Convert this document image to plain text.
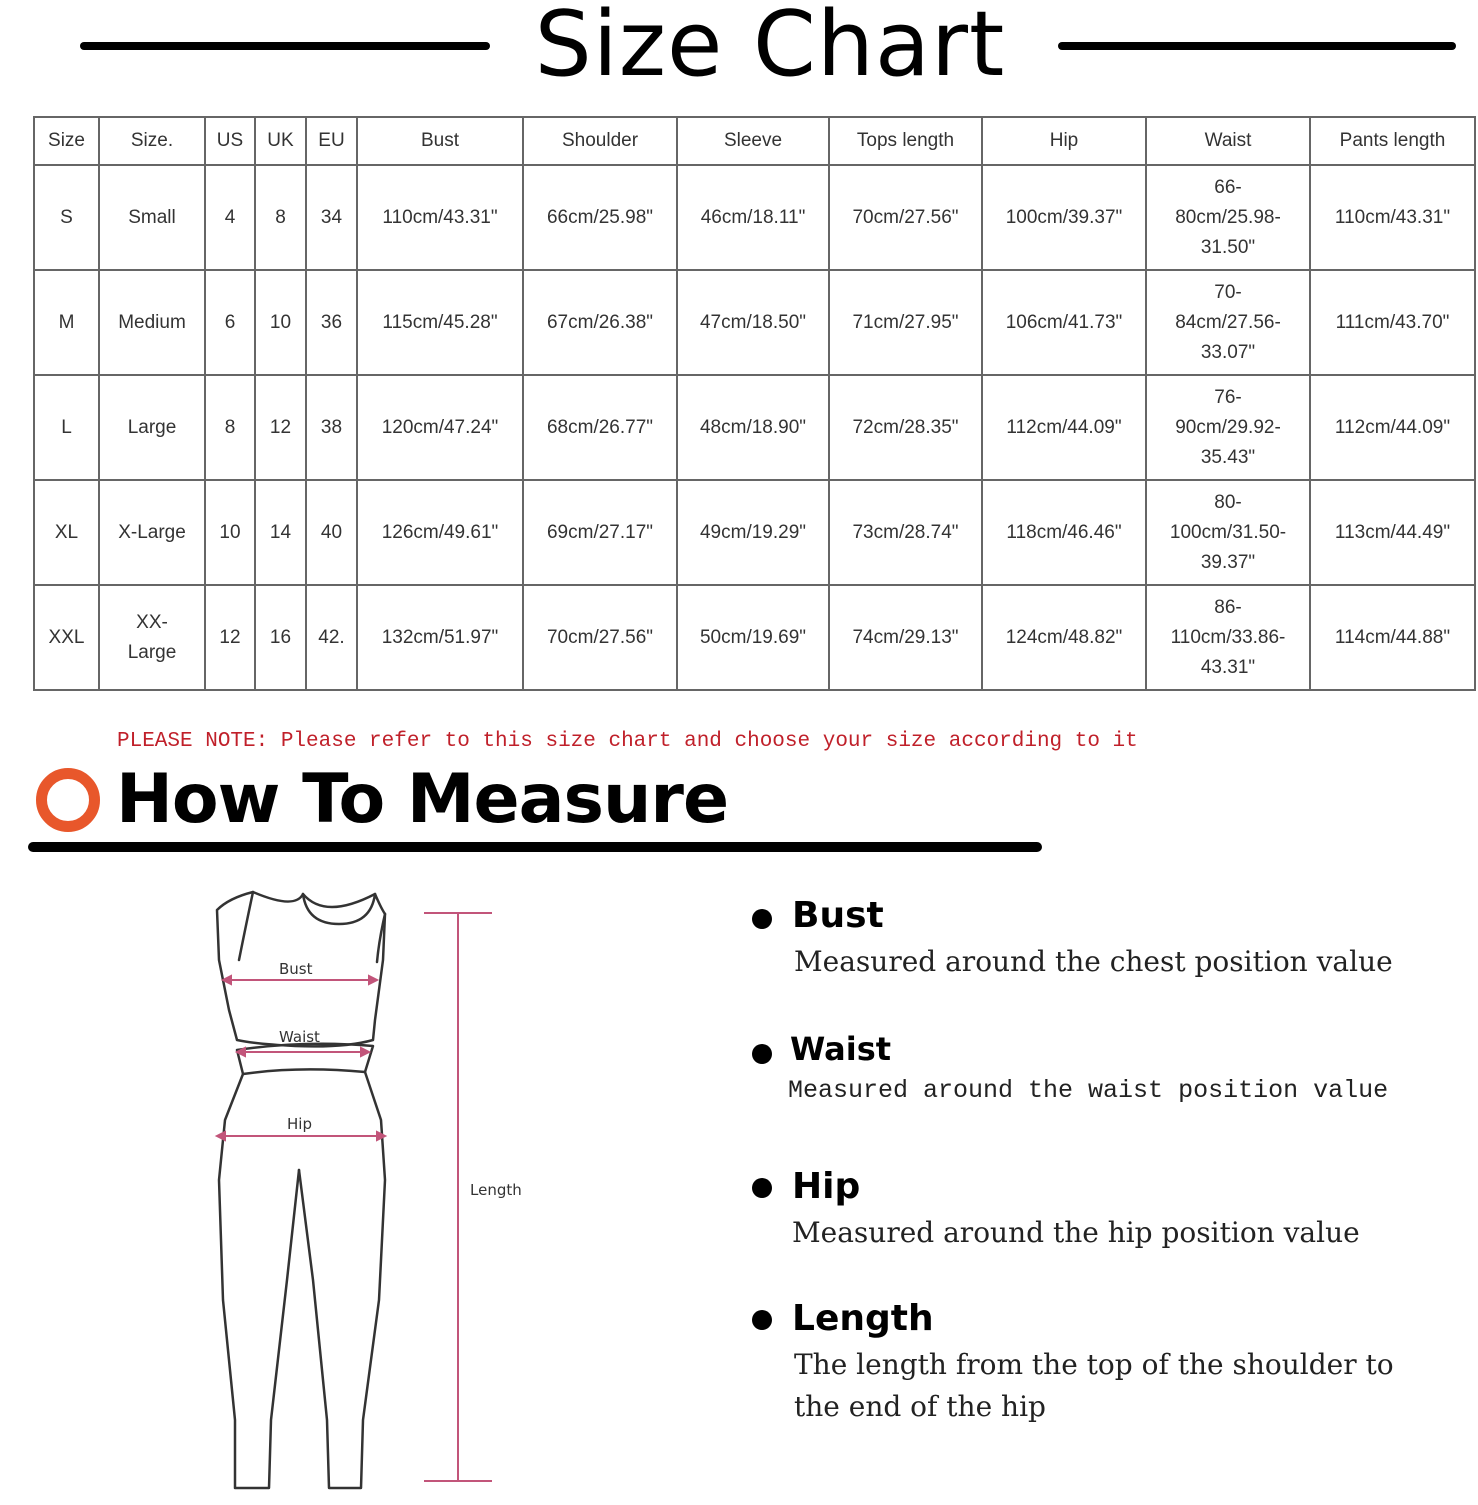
Size Chart
Size	Size.	US	UK	EU	Bust	Shoulder	Sleeve	Tops length	Hip	Waist	Pants length
S	Small	4	8	34	110cm/43.31"	66cm/25.98"	46cm/18.11"	70cm/27.56"	100cm/39.37"	66-
80cm/25.98-
31.50"	110cm/43.31"
M	Medium	6	10	36	115cm/45.28"	67cm/26.38"	47cm/18.50"	71cm/27.95"	106cm/41.73"	70-
84cm/27.56-
33.07"	111cm/43.70"
L	Large	8	12	38	120cm/47.24"	68cm/26.77"	48cm/18.90"	72cm/28.35"	112cm/44.09"	76-
90cm/29.92-
35.43"	112cm/44.09"
XL	X-Large	10	14	40	126cm/49.61"	69cm/27.17"	49cm/19.29"	73cm/28.74"	118cm/46.46"	80-
100cm/31.50-
39.37"	113cm/44.49"
XXL	XX-
Large	12	16	42.	132cm/51.97"	70cm/27.56"	50cm/19.69"	74cm/29.13"	124cm/48.82"	86-
110cm/33.86-
43.31"	114cm/44.88"
PLEASE NOTE: Please refer to this size chart and choose your size according to it
How To Measure
Bust
Waist
Hip
Length
Bust
Measured around the chest position value
Waist
Measured around the waist position value
Hip
Measured around the hip position value
Length
The length from the top of the shoulder to the end of the hip
